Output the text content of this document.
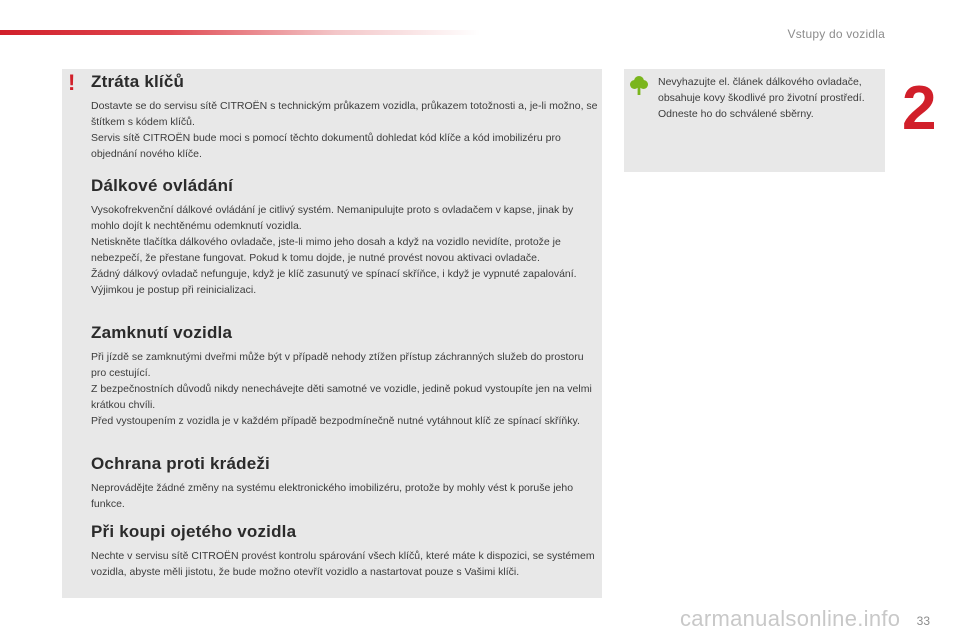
Vstupy do vozidla
2
! Ztráta klíčů

Dostavte se do servisu sítě CITROËN s technickým průkazem vozidla, průkazem totožnosti a, je-li možno, se štítkem s kódem klíčů.

Servis sítě CITROËN bude moci s pomocí těchto dokumentů dohledat kód klíče a kód imobilizéru pro objednání nového klíče.

Dálkové ovládání

Vysokofrekvenční dálkové ovládání je citlivý systém. Nemanipulujte proto s ovladačem v kapse, jinak by mohlo dojít k nechtěnému odemknutí vozidla.

Netiskněte tlačítka dálkového ovladače, jste-li mimo jeho dosah a když na vozidlo nevidíte, protože je nebezpečí, že přestane fungovat. Pokud k tomu dojde, je nutné provést novou aktivaci ovladače.

Žádný dálkový ovladač nefunguje, když je klíč zasunutý ve spínací skříňce, i když je vypnuté zapalování. Výjimkou je postup při reinicializaci.

Zamknutí vozidla

Při jízdě se zamknutými dveřmi může být v případě nehody ztížen přístup záchranných služeb do prostoru pro cestující.

Z bezpečnostních důvodů nikdy nenechávejte děti samotné ve vozidle, jedině pokud vystoupíte jen na velmi krátkou chvíli.

Před vystoupením z vozidla je v každém případě bezpodmínečně nutné vytáhnout klíč ze spínací skříňky.

Ochrana proti krádeži

Neprovádějte žádné změny na systému elektronického imobilizéru, protože by mohly vést k poruše jeho funkce.

Při koupi ojetého vozidla

Nechte v servisu sítě CITROËN provést kontrolu spárování všech klíčů, které máte k dispozici, se systémem vozidla, abyste měli jistotu, že bude možno otevřít vozidlo a nastartovat pouze s Vašimi klíči.

Nevyhazujte el. článek dálkového ovladače, obsahuje kovy škodlivé pro životní prostředí.

Odneste ho do schválené sběrny.

carmanualsonline.info 33
